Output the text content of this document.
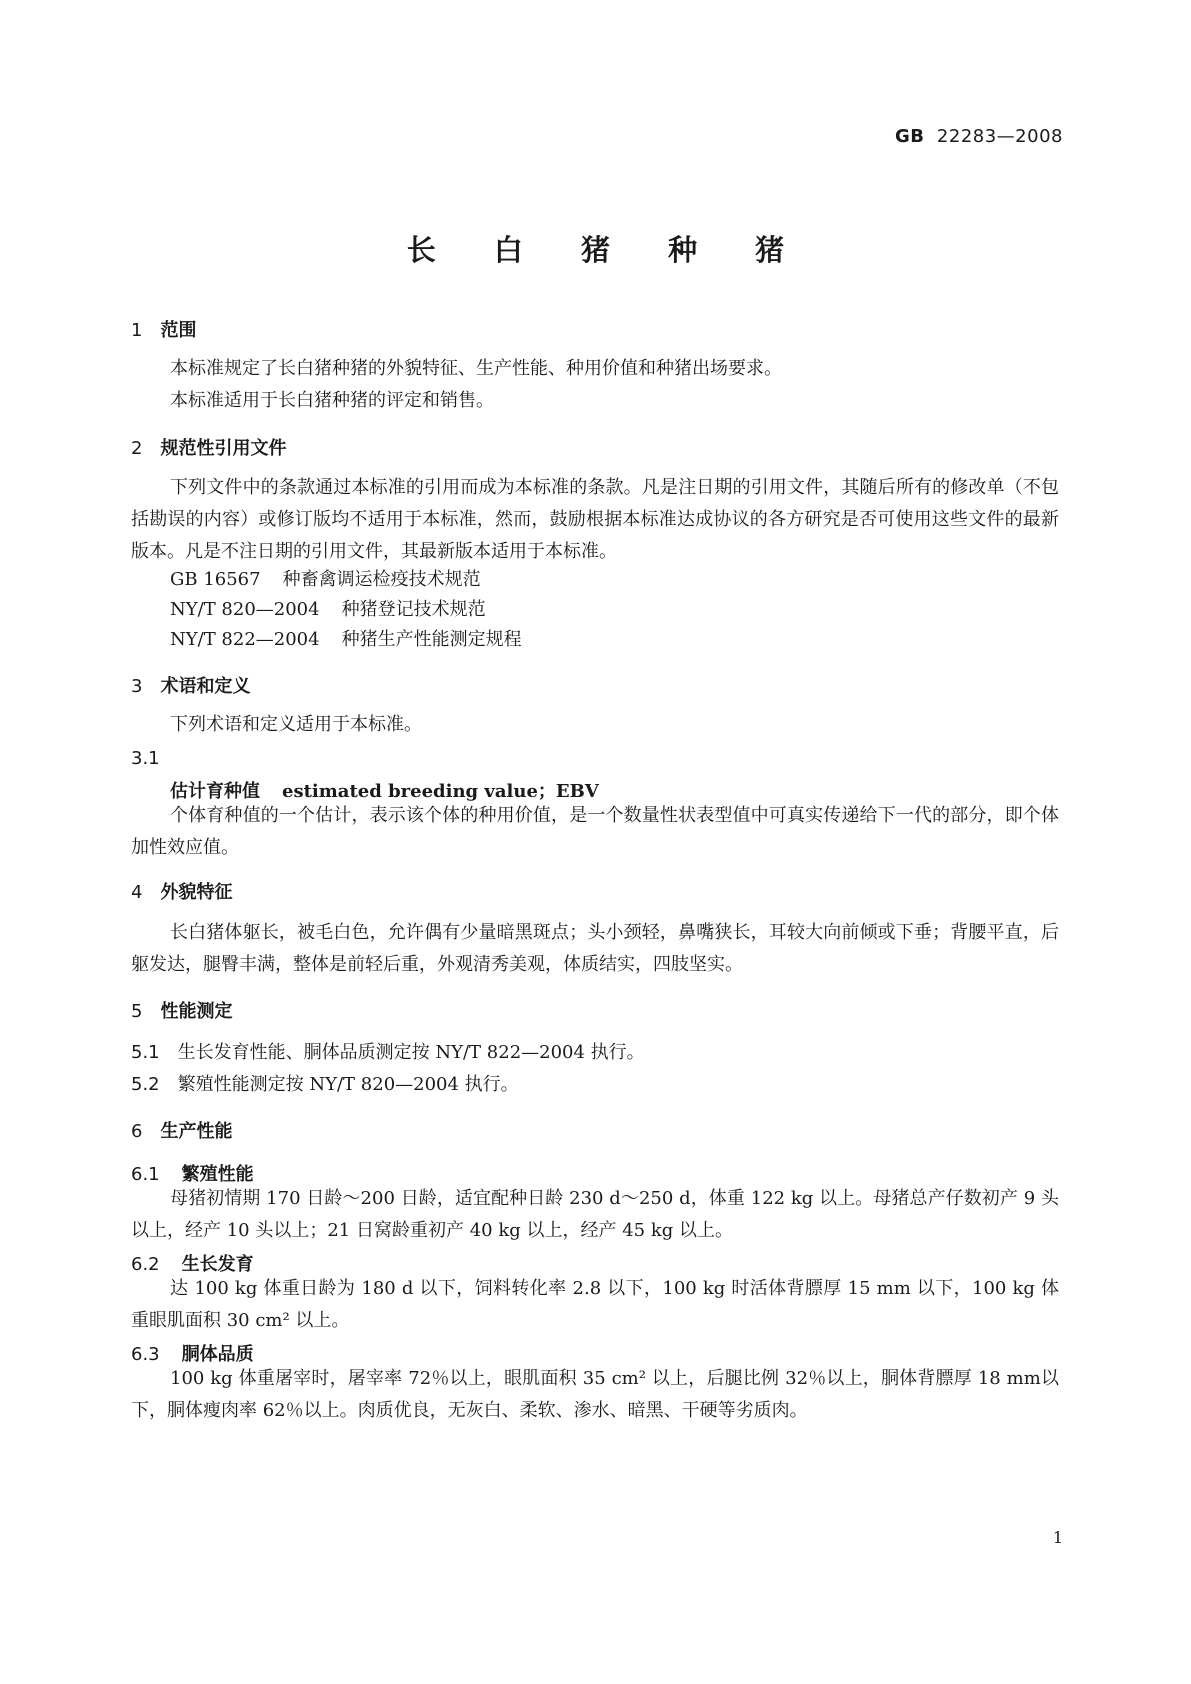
GB 22283—2008
长 白 猪 种 猪
1 范围
本标准规定了长白猪种猪的外貌特征、生产性能、种用价值和种猪出场要求。
本标准适用于长白猪种猪的评定和销售。
2 规范性引用文件
下列文件中的条款通过本标准的引用而成为本标准的条款。凡是注日期的引用文件，其随后所有的修改单（不包括勘误的内容）或修订版均不适用于本标准，然而，鼓励根据本标准达成协议的各方研究是否可使用这些文件的最新版本。凡是不注日期的引用文件，其最新版本适用于本标准。
GB 16567 种畜禽调运检疫技术规范
NY/T 820—2004 种猪登记技术规范
NY/T 822—2004 种猪生产性能测定规程
3 术语和定义
下列术语和定义适用于本标准。
3.1
估计育种值 estimated breeding value；EBV
个体育种值的一个估计，表示该个体的种用价值，是一个数量性状表型值中可真实传递给下一代的部分，即个体加性效应值。
4 外貌特征
长白猪体躯长，被毛白色，允许偶有少量暗黑斑点；头小颈轻，鼻嘴狭长，耳较大向前倾或下垂；背腰平直，后躯发达，腿臀丰满，整体是前轻后重，外观清秀美观，体质结实，四肢坚实。
5 性能测定
5.1 生长发育性能、胴体品质测定按 NY/T 822—2004 执行。
5.2 繁殖性能测定按 NY/T 820—2004 执行。
6 生产性能
6.1 繁殖性能
母猪初情期 170 日龄～200 日龄，适宜配种日龄 230 d～250 d，体重 122 kg 以上。母猪总产仔数初产 9 头以上，经产 10 头以上；21 日窝龄重初产 40 kg 以上，经产 45 kg 以上。
6.2 生长发育
达 100 kg 体重日龄为 180 d 以下，饲料转化率 2.8 以下，100 kg 时活体背膘厚 15 mm 以下，100 kg 体重眼肌面积 30 cm² 以上。
6.3 胴体品质
100 kg 体重屠宰时，屠宰率 72％以上，眼肌面积 35 cm² 以上，后腿比例 32％以上，胴体背膘厚 18 mm以下，胴体瘦肉率 62％以上。肉质优良，无灰白、柔软、渗水、暗黑、干硬等劣质肉。
1
